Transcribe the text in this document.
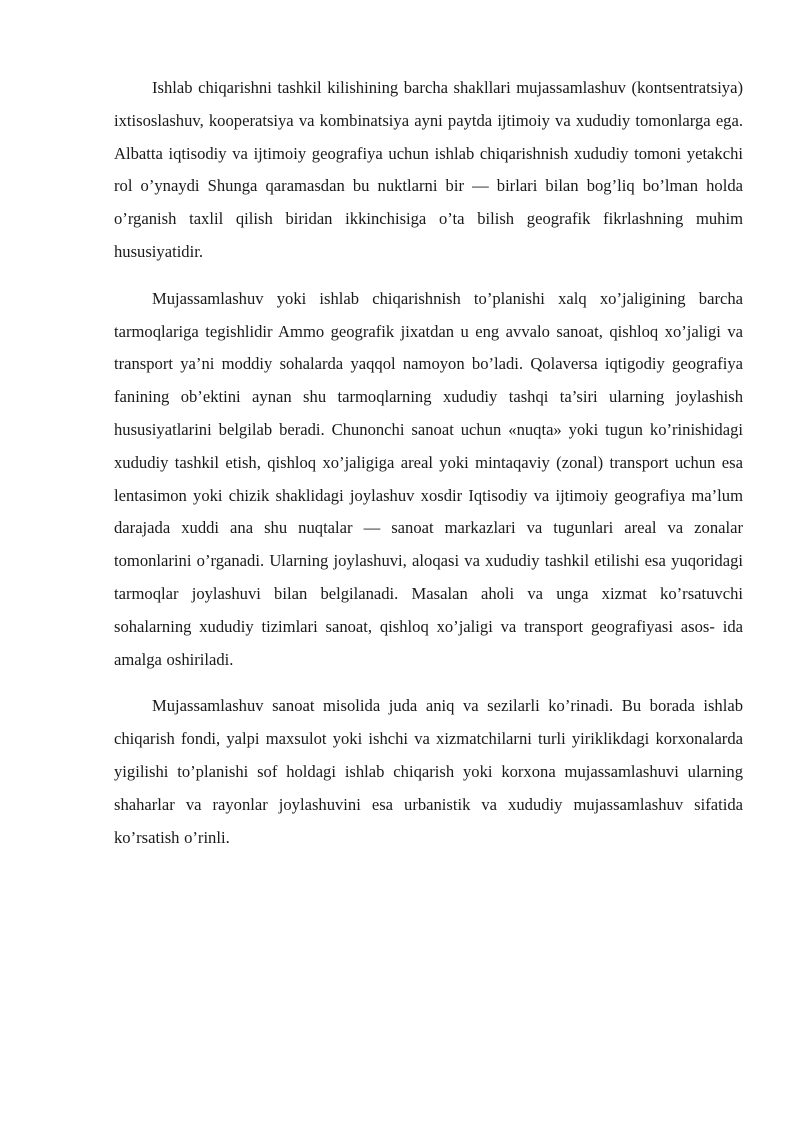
Ishlab chiqarishni tashkil kilishining barcha shakllari mujassamlashuv (kontsentratsiya) ixtisoslashuv, kooperatsiya va kombinatsiya ayni paytda ijtimoiy va xududiy tomonlarga ega. Albatta iqtisodiy va ijtimoiy geografiya uchun ishlab chiqarishnish xududiy tomoni yetakchi rol o’ynaydi Shunga qaramasdan bu nuktlarni bir — birlari bilan bog’liq bo’lman holda o’rganish taxlil qilish biridan ikkinchisiga o’ta bilish geografik fikrlashning muhim hususiyatidir.

Mujassamlashuv yoki ishlab chiqarishnish to’planishi xalq xo’jaligining barcha tarmoqlariga tegishlidir Ammo geografik jixatdan u eng avvalo sanoat, qishloq xo’jaligi va transport ya’ni moddiy sohalarda yaqqol namoyon bo’ladi. Qolaversa iqtigodiy geografiya fanining ob’ektini aynan shu tarmoqlarning xududiy tashqi ta’siri ularning joylashish hususiyatlarini belgilab beradi. Chunonchi sanoat uchun «nuqta» yoki tugun ko’rinishidagi xududiy tashkil etish, qishloq xo’jaligiga areal yoki mintaqaviy (zonal) transport uchun esa lentasimon yoki chizik shaklidagi joylashuv xosdir Iqtisodiy va ijtimoiy geografiya ma’lum darajada xuddi ana shu nuqtalar — sanoat markazlari va tugunlari areal va zonalar tomonlarini o’rganadi. Ularning joylashuvi, aloqasi va xududiy tashkil etilishi esa yuqoridagi tarmoqlar joylashuvi bilan belgilanadi. Masalan aholi va unga xizmat ko’rsatuvchi sohalarning xududiy tizimlari sanoat, qishloq xo’jaligi va transport geografiyasi asos- ida amalga oshiriladi.

Mujassamlashuv sanoat misolida juda aniq va sezilarli ko’rinadi. Bu borada ishlab chiqarish fondi, yalpi maxsulot yoki ishchi va xizmatchilarni turli yiriklikdagi korxonalarda yigilishi to’planishi sof holdagi ishlab chiqarish yoki korxona mujassamlashuvi ularning shaharlar va rayonlar joylashuvini esa urbanistik va xududiy mujassamlashuv sifatida ko’rsatish o’rinli.
